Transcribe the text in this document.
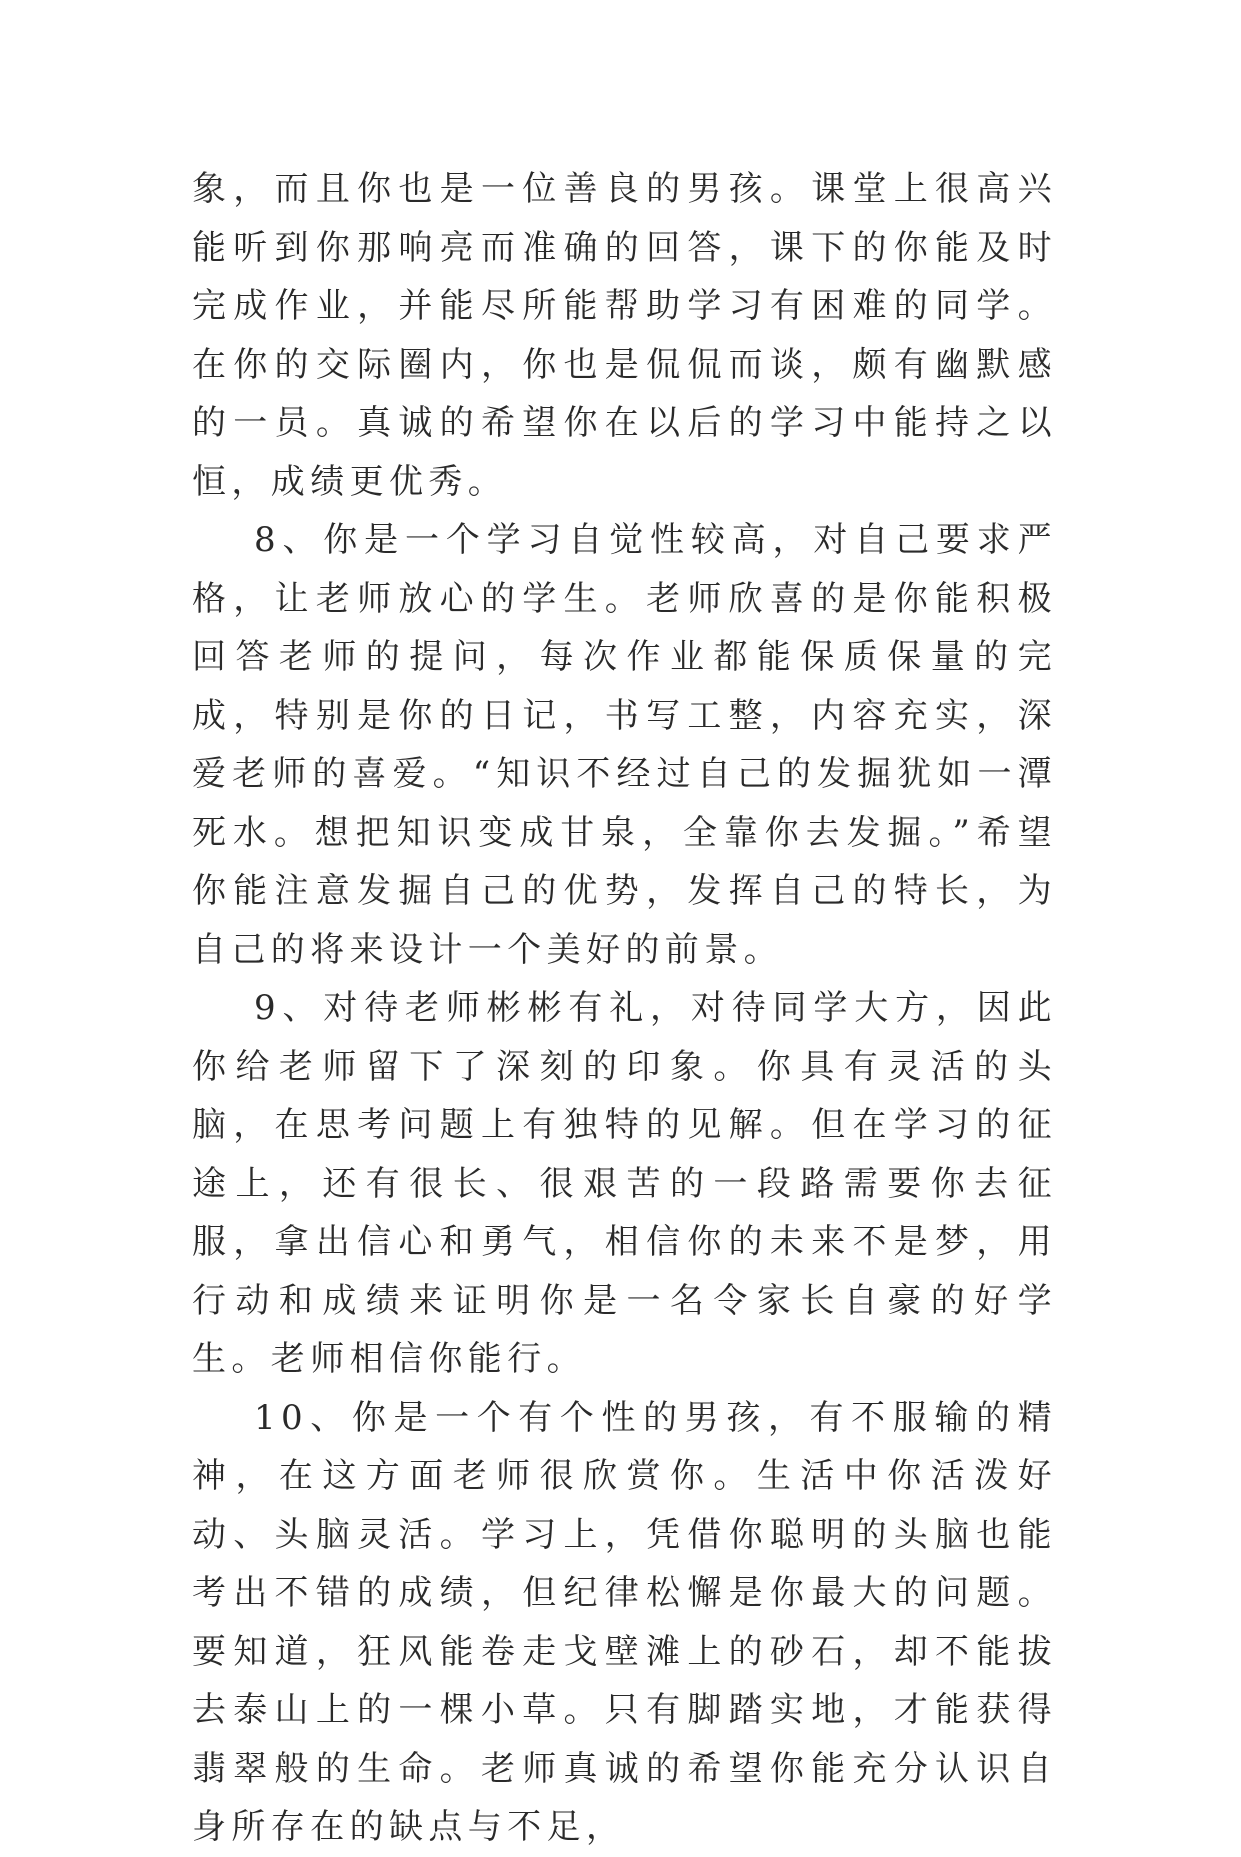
象，而且你也是一位善良的男孩。课堂上很高兴能听到你那响亮而准确的回答，课下的你能及时完成作业，并能尽所能帮助学习有困难的同学。在你的交际圈内，你也是侃侃而谈，颇有幽默感的一员。真诚的希望你在以后的学习中能持之以恒，成绩更优秀。

8、你是一个学习自觉性较高，对自己要求严格，让老师放心的学生。老师欣喜的是你能积极回答老师的提问，每次作业都能保质保量的完成，特别是你的日记，书写工整，内容充实，深爱老师的喜爱。“知识不经过自己的发掘犹如一潭死水。想把知识变成甘泉，全靠你去发掘。”希望你能注意发掘自己的优势，发挥自己的特长，为自己的将来设计一个美好的前景。

9、对待老师彬彬有礼，对待同学大方，因此你给老师留下了深刻的印象。你具有灵活的头脑，在思考问题上有独特的见解。但在学习的征途上，还有很长、很艰苦的一段路需要你去征服，拿出信心和勇气，相信你的未来不是梦，用行动和成绩来证明你是一名令家长自豪的好学生。老师相信你能行。

10、你是一个有个性的男孩，有不服输的精神，在这方面老师很欣赏你。生活中你活泼好动、头脑灵活。学习上，凭借你聪明的头脑也能考出不错的成绩，但纪律松懈是你最大的问题。要知道，狂风能卷走戈壁滩上的砂石，却不能拔去泰山上的一棵小草。只有脚踏实地，才能获得翡翠般的生命。老师真诚的希望你能充分认识自身所存在的缺点与不足，
